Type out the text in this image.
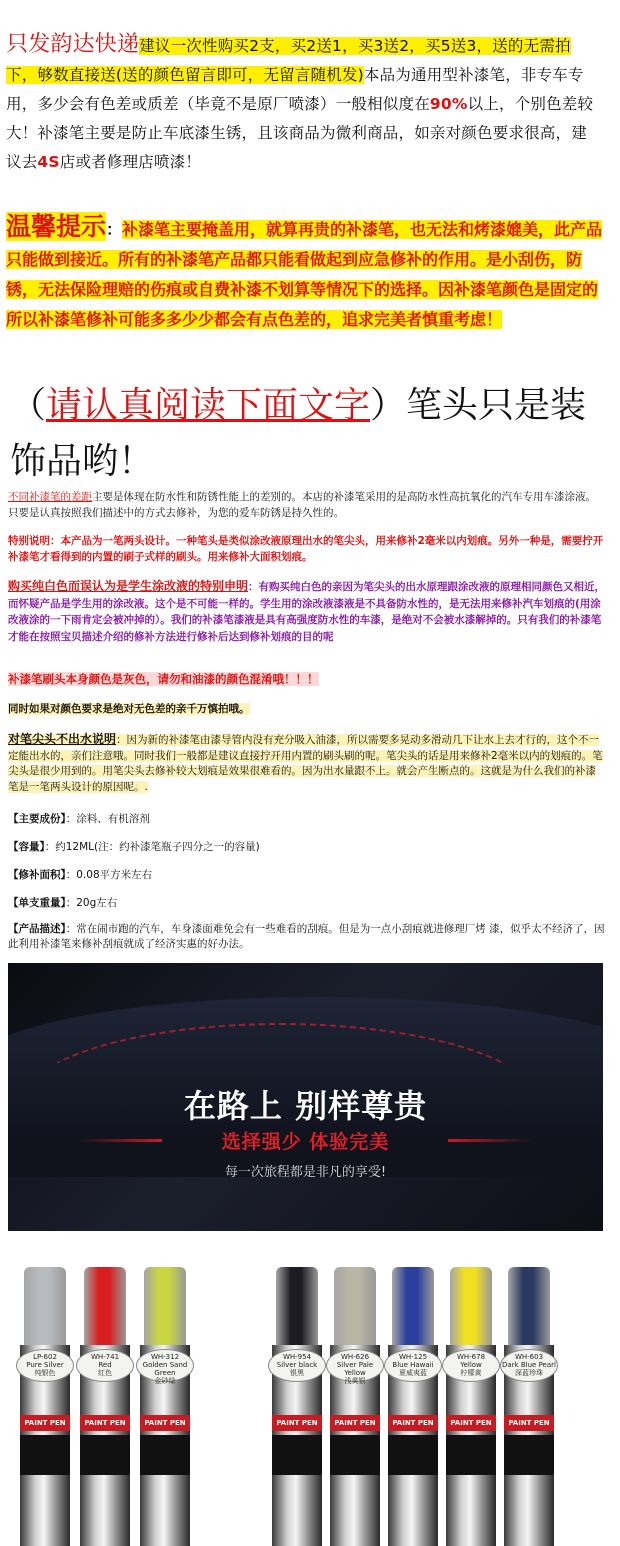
只发韵达快递建议一次性购买2支，买2送1，买3送2，买5送3，送的无需拍下，够数直接送(送的颜色留言即可，无留言随机发)本品为通用型补漆笔，非专车专用，多少会有色差或质差（毕竟不是原厂喷漆）一般相似度在90%以上，个别色差较大！补漆笔主要是防止车底漆生锈，且该商品为微利商品，如亲对颜色要求很高，建议去4S店或者修理店喷漆！
温馨提示：补漆笔主要掩盖用，就算再贵的补漆笔，也无法和烤漆媲美，此产品只能做到接近。所有的补漆笔产品都只能看做起到应急修补的作用。是小刮伤，防锈，无法保险理赔的伤痕或自费补漆不划算等情况下的选择。因补漆笔颜色是固定的所以补漆笔修补可能多多少少都会有点色差的，追求完美者慎重考虑！
（请认真阅读下面文字）笔头只是装饰品哟！
不同补漆笔的差距主要是体现在防水性和防锈性能上的差别的。本店的补漆笔采用的是高防水性高抗氧化的汽车专用车漆涂液。只要是认真按照我们描述中的方式去修补，为您的爱车防锈是持久性的。
特别说明：本产品为一笔两头设计。一种笔头是类似涂改液原理出水的笔尖头，用来修补2毫米以内划痕。另外一种是，需要拧开补漆笔才看得到的内置的刷子式样的刷头。用来修补大面积划痕。
购买纯白色而误认为是学生涂改液的特别申明：有购买纯白色的亲因为笔尖头的出水原理跟涂改液的原理相同颜色又相近，而怀疑产品是学生用的涂改液。这个是不可能一样的。学生用的涂改液漆液是不具备防水性的，是无法用来修补汽车划痕的(用涂改液涂的一下雨肯定会被冲掉的）。我们的补漆笔漆液是具有高强度防水性的车漆，是绝对不会被水漆解掉的。只有我们的补漆笔才能在按照宝贝描述介绍的修补方法进行修补后达到修补划痕的目的呢
补漆笔刷头本身颜色是灰色，请勿和油漆的颜色混淆哦！！！
同时如果对颜色要求是绝对无色差的亲千万慎拍哦。
对笔尖头不出水说明：因为新的补漆笔由漆导管内没有充分吸入油漆，所以需要多晃动多滑动几下让水上去才行的，这个不一定能出水的，亲们注意哦。同时我们一般都是建议直接拧开用内置的刷头刷的呢。笔尖头的话是用来修补2毫米以内的划痕的。笔尖头是很少用到的。用笔尖头去修补较大划痕是效果很难看的。因为出水量跟不上。就会产生断点的。这就是为什么我们的补漆笔是一笔两头设计的原因呢。.
【主要成份】：涂料、有机溶剂
【容量】：约12ML(注：约补漆笔瓶子四分之一的容量)
【修补面积】：0.08平方米左右
【单支重量】：20g左右
【产品描述】：常在闹市跑的汽车，车身漆面难免会有一些难看的刮痕。但是为一点小刮痕就进修理厂烤 漆，似乎太不经济了，因此利用补漆笔来修补刮痕就成了经济实惠的好办法。
在路上 别样尊贵
选择强少 体验完美
每一次旅程都是非凡的享受!
LP-602
Pure Silver
纯银色
PAINT PEN
WH-741
Red
红色
PAINT PEN
WH-312
Golden Sand Green
金砂绿
PAINT PEN
WH-954
Silver black
银黑
PAINT PEN
WH-626
Silver Pale Yellow
浅黄银
PAINT PEN
WH-125
Blue Hawaii
夏威夷蓝
PAINT PEN
WH-678
Yellow
柠檬黄
PAINT PEN
WH-603
Dark Blue Pearl
深蓝珍珠
PAINT PEN
